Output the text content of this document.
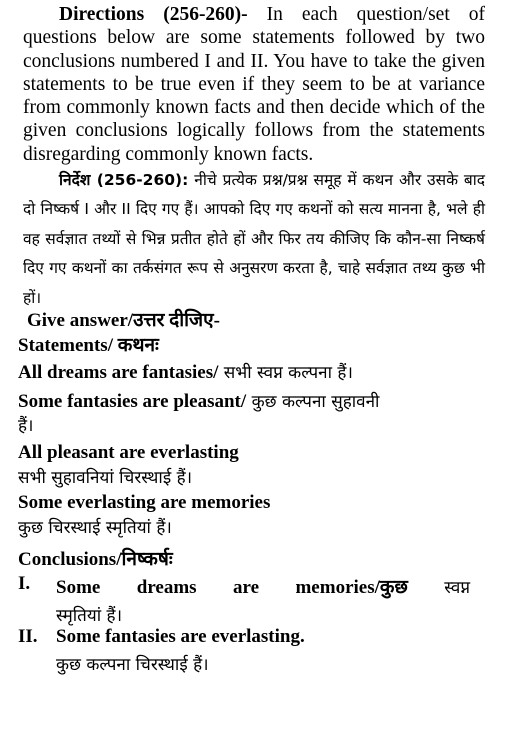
Directions (256-260)- In each question/set of questions below are some statements followed by two conclusions numbered I and II. You have to take the given statements to be true even if they seem to be at variance from commonly known facts and then decide which of the given conclusions logically follows from the statements disregarding commonly known facts.
निर्देश (256-260): नीचे प्रत्येक प्रश्न/प्रश्न समूह में कथन और उसके बाद दो निष्कर्ष I और II दिए गए हैं। आपको दिए गए कथनों को सत्य मानना है, भले ही वह सर्वज्ञात तथ्यों से भिन्न प्रतीत होते हों और फिर तय कीजिए कि कौन-सा निष्कर्ष दिए गए कथनों का तर्कसंगत रूप से अनुसरण करता है, चाहे सर्वज्ञात तथ्य कुछ भी हों।
Give answer/उत्तर दीजिए-
Statements/ कथनः
All dreams are fantasies/ सभी स्वप्न कल्पना हैं।
Some fantasies are pleasant/ कुछ कल्पना सुहावनी
हैं।
All pleasant are everlasting
सभी सुहावनियां चिरस्थाई हैं।
Some everlasting are memories
कुछ चिरस्थाई स्मृतियां हैं।
Conclusions/निष्कर्षः
I. Some dreams are memories/कुछ स्वप्न
स्मृतियां हैं।
II. Some fantasies are everlasting.
कुछ कल्पना चिरस्थाई हैं।
